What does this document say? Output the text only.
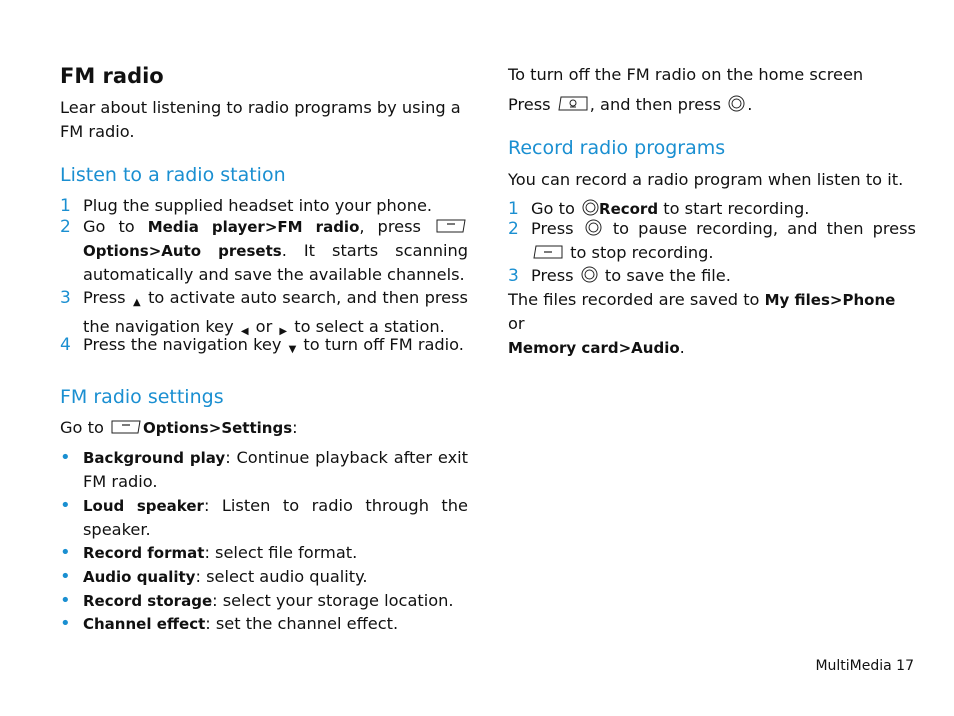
FM radio
Lear about listening to radio programs by using a FM radio.
Listen to a radio station
1 Plug the supplied headset into your phone.
2 Go to Media player>FM radio, press
Options>Auto presets. It starts scanning automatically and save the available channels.
3 Press ▲ to activate auto search, and then press the navigation key ◀ or ▶ to select a station.
4 Press the navigation key ▼ to turn off FM radio.
FM radio settings
Go to	Options>Settings:
• Background play: Continue playback after exit FM radio.
• Loud speaker: Listen to radio through the speaker.
• Record format: select file format.
• Audio quality: select audio quality.
• Record storage: select your storage location.
• Channel effect: set the channel effect.
To turn off the FM radio on the home screen
Press , and then press .
Record radio programs
You can record a radio program when listen to it.
1 Go to Record to start recording.
2 Press to pause recording, and then press
to stop recording.
3 Press to save the file.
The files recorded are saved to My files>Phone or
Memory card>Audio.
MultiMedia 17
